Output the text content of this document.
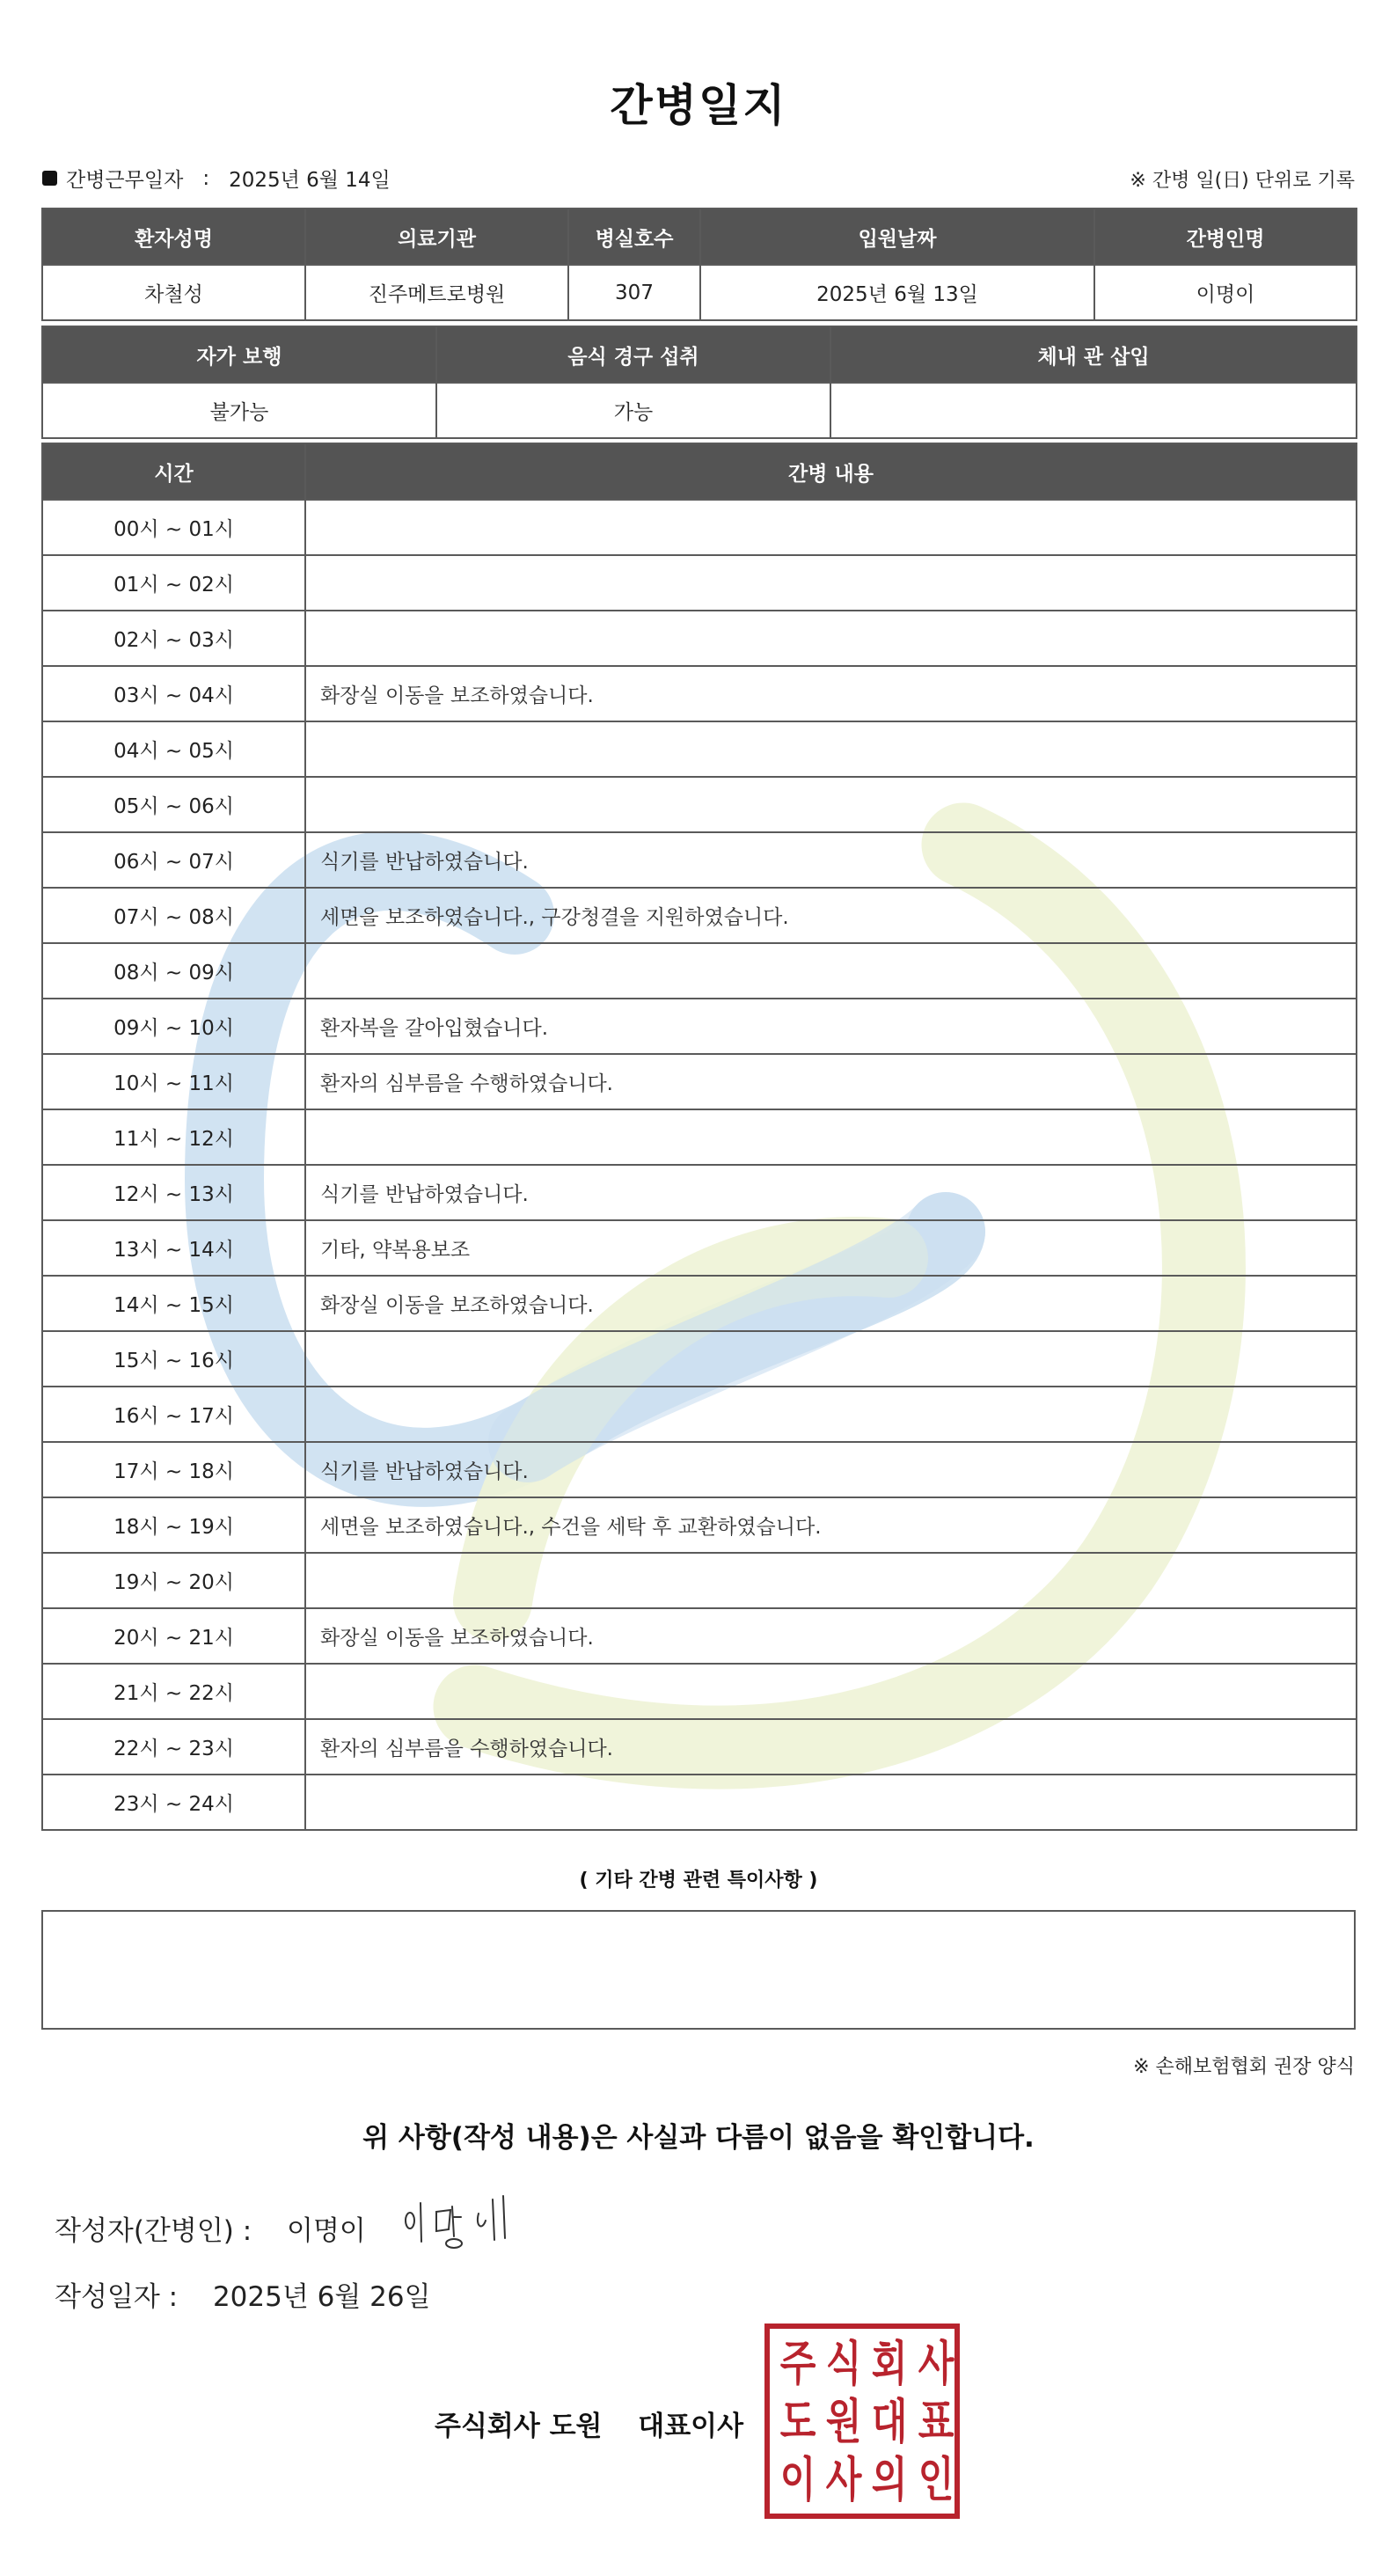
간병일지
간병근무일자 : 2025년 6월 14일	※ 간병 일(日) 단위로 기록
환자성명	의료기관	병실호수	입원날짜	간병인명
차철성	진주메트로병원	307	2025년 6월 13일	이명이
자가 보행	음식 경구 섭취	체내 관 삽입
불가능	가능	
시간	간병 내용
00시 ~ 01시	
01시 ~ 02시	
02시 ~ 03시	
03시 ~ 04시	화장실 이동을 보조하였습니다.
04시 ~ 05시	
05시 ~ 06시	
06시 ~ 07시	식기를 반납하였습니다.
07시 ~ 08시	세면을 보조하였습니다., 구강청결을 지원하였습니다.
08시 ~ 09시	
09시 ~ 10시	환자복을 갈아입혔습니다.
10시 ~ 11시	환자의 심부름을 수행하였습니다.
11시 ~ 12시	
12시 ~ 13시	식기를 반납하였습니다.
13시 ~ 14시	기타, 약복용보조
14시 ~ 15시	화장실 이동을 보조하였습니다.
15시 ~ 16시	
16시 ~ 17시	
17시 ~ 18시	식기를 반납하였습니다.
18시 ~ 19시	세면을 보조하였습니다., 수건을 세탁 후 교환하였습니다.
19시 ~ 20시	
20시 ~ 21시	화장실 이동을 보조하였습니다.
21시 ~ 22시	
22시 ~ 23시	환자의 심부름을 수행하였습니다.
23시 ~ 24시	
( 기타 간병 관련 특이사항 )
※ 손해보험협회 권장 양식
위 사항(작성 내용)은 사실과 다름이 없음을 확인합니다.
작성자(간병인) : 이명이
작성일자 : 2025년 6월 26일
주식회사 도원 대표이사
주 식 회 사
도 원 대 표
이 사 의 인
